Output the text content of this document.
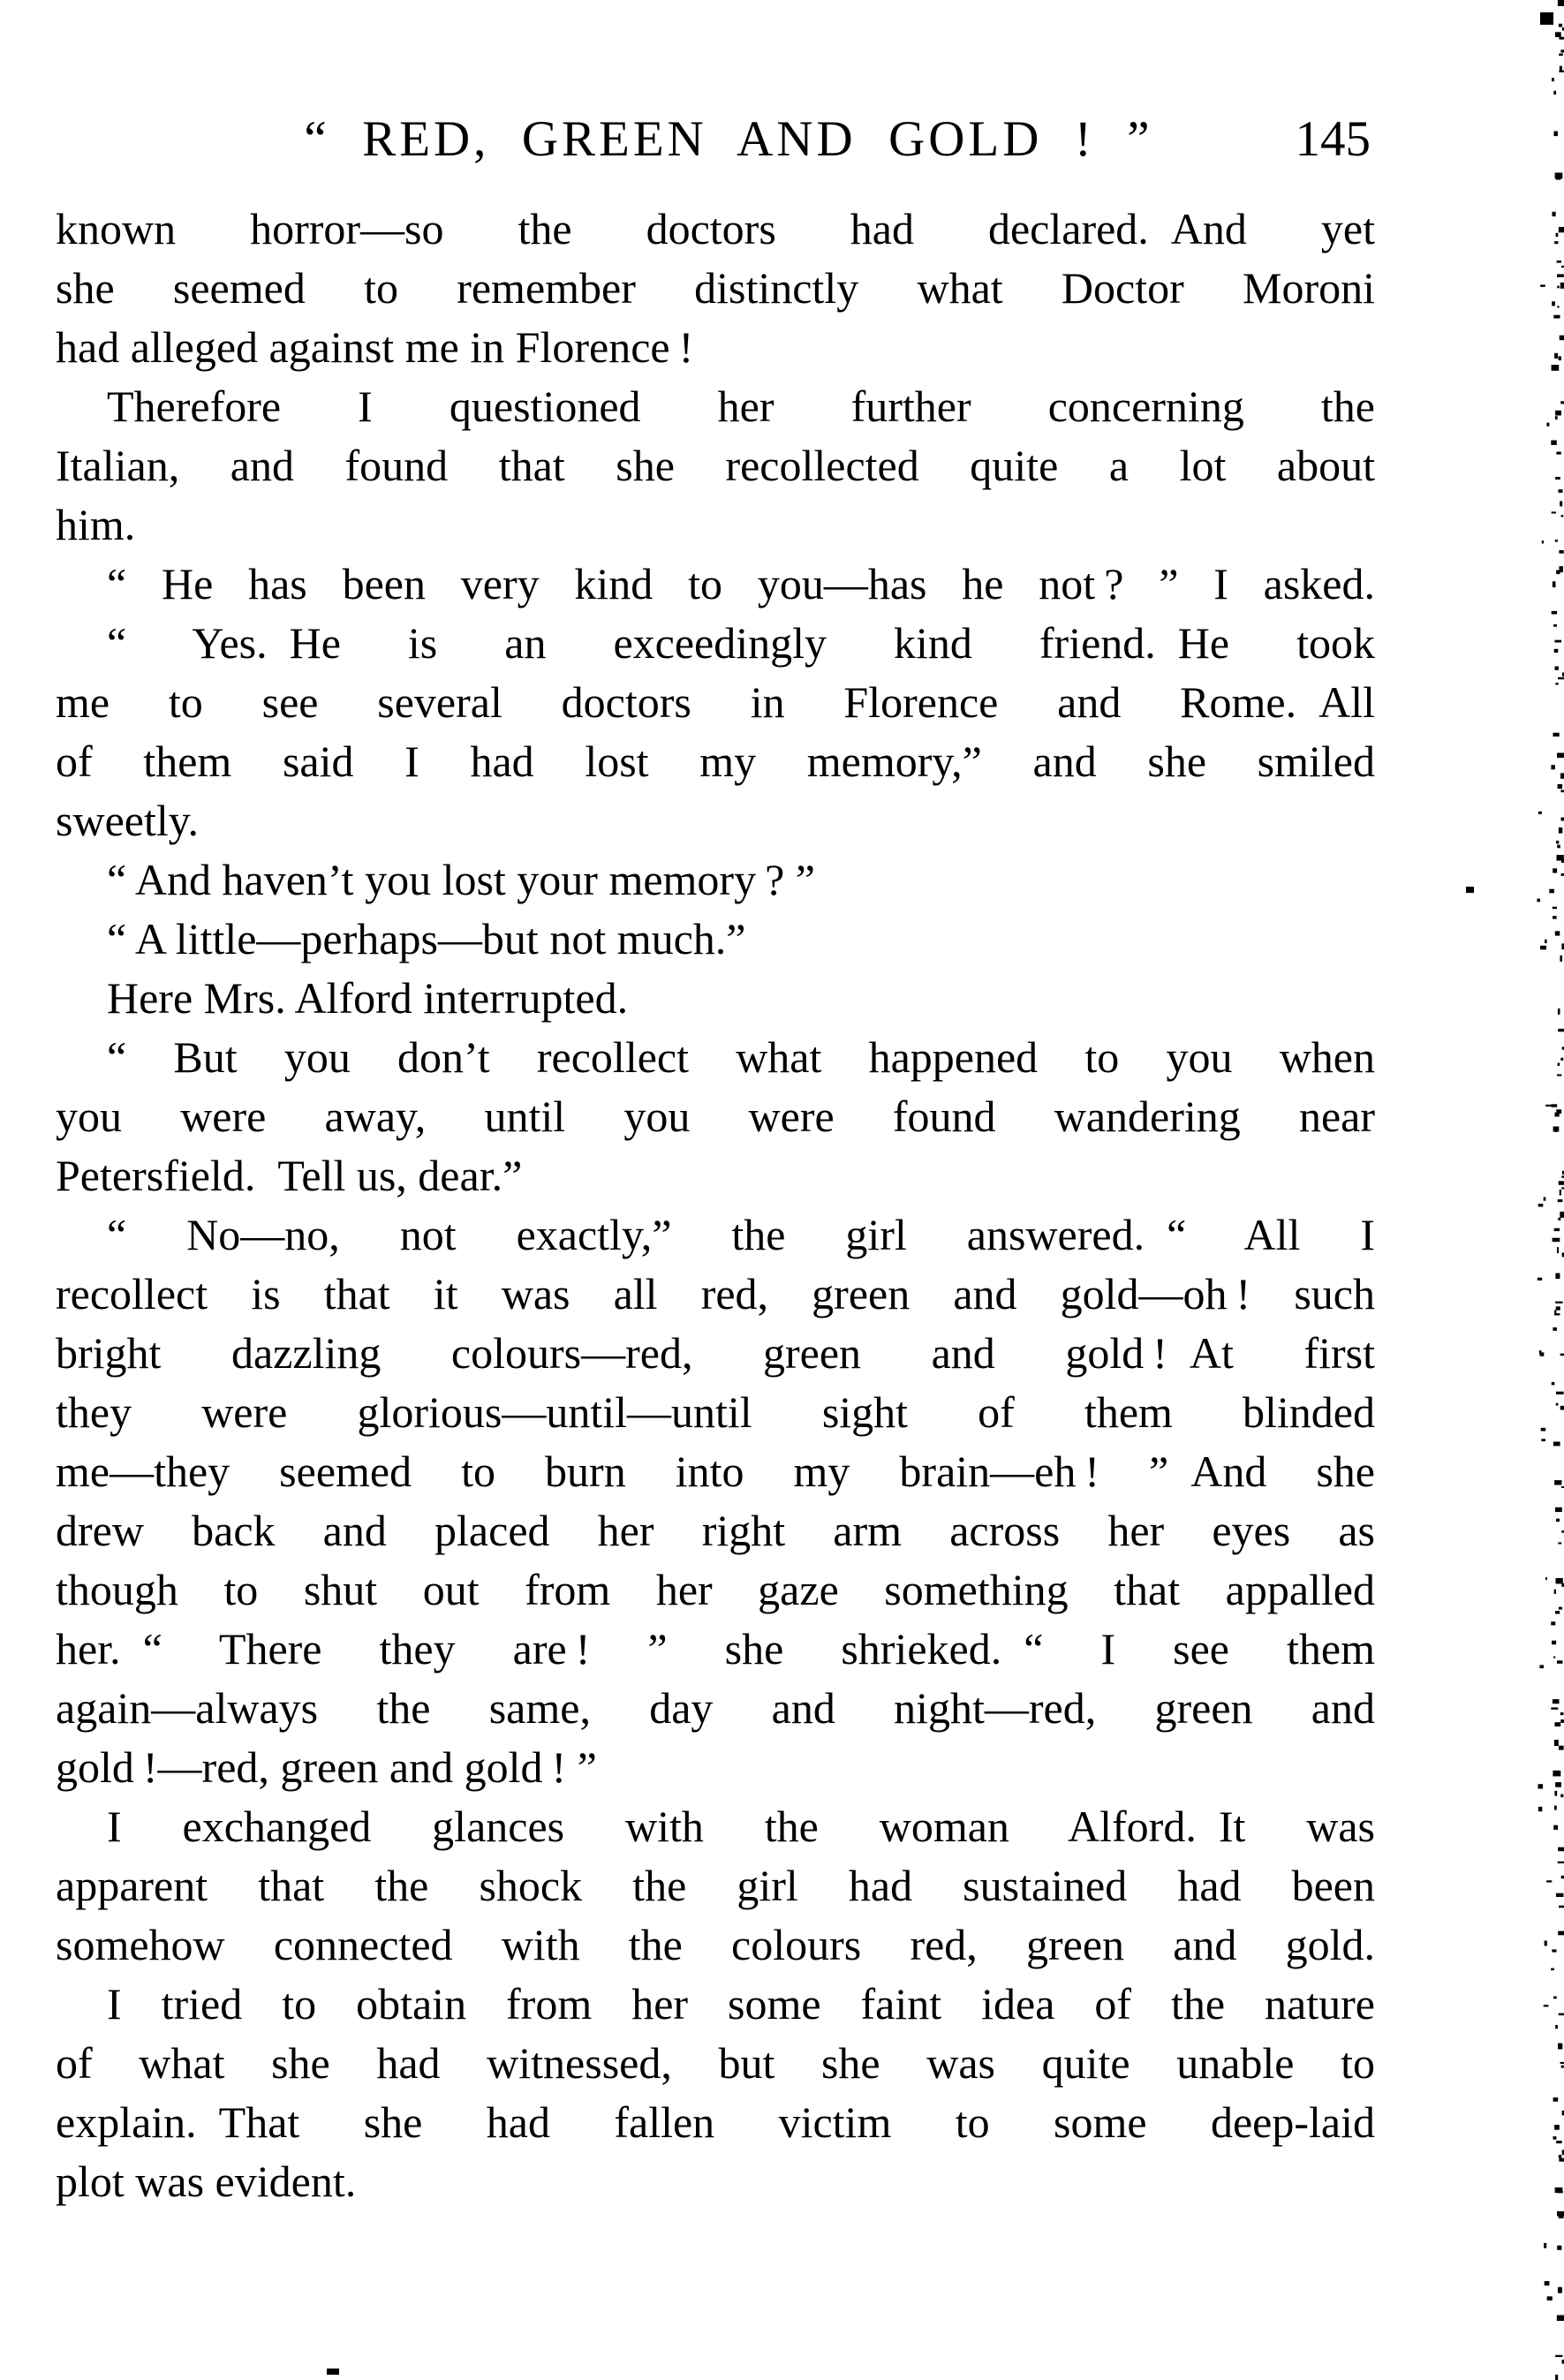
“ RED, GREEN AND GOLD ! ”	145
known horror—so the doctors had declared. And yet
she seemed to remember distinctly what Doctor Moroni
had alleged against me in Florence !
Therefore I questioned her further concerning the
Italian, and found that she recollected quite a lot about
him.
“ He has been very kind to you—has he not ? ” I asked.
“ Yes. He is an exceedingly kind friend. He took
me to see several doctors in Florence and Rome. All
of them said I had lost my memory,” and she smiled
sweetly.
“ And haven’t you lost your memory ? ”
“ A little—perhaps—but not much.”
Here Mrs. Alford interrupted.
“ But you don’t recollect what happened to you when
you were away, until you were found wandering near
Petersfield. Tell us, dear.”
“ No—no, not exactly,” the girl answered. “ All I
recollect is that it was all red, green and gold—oh ! such
bright dazzling colours—red, green and gold ! At first
they were glorious—until—until sight of them blinded
me—they seemed to burn into my brain—eh ! ” And she
drew back and placed her right arm across her eyes as
though to shut out from her gaze something that appalled
her. “ There they are ! ” she shrieked. “ I see them
again—always the same, day and night—red, green and
gold !—red, green and gold ! ”
I exchanged glances with the woman Alford. It was
apparent that the shock the girl had sustained had been
somehow connected with the colours red, green and gold.
I tried to obtain from her some faint idea of the nature
of what she had witnessed, but she was quite unable to
explain. That she had fallen victim to some deep-laid
plot was evident.
